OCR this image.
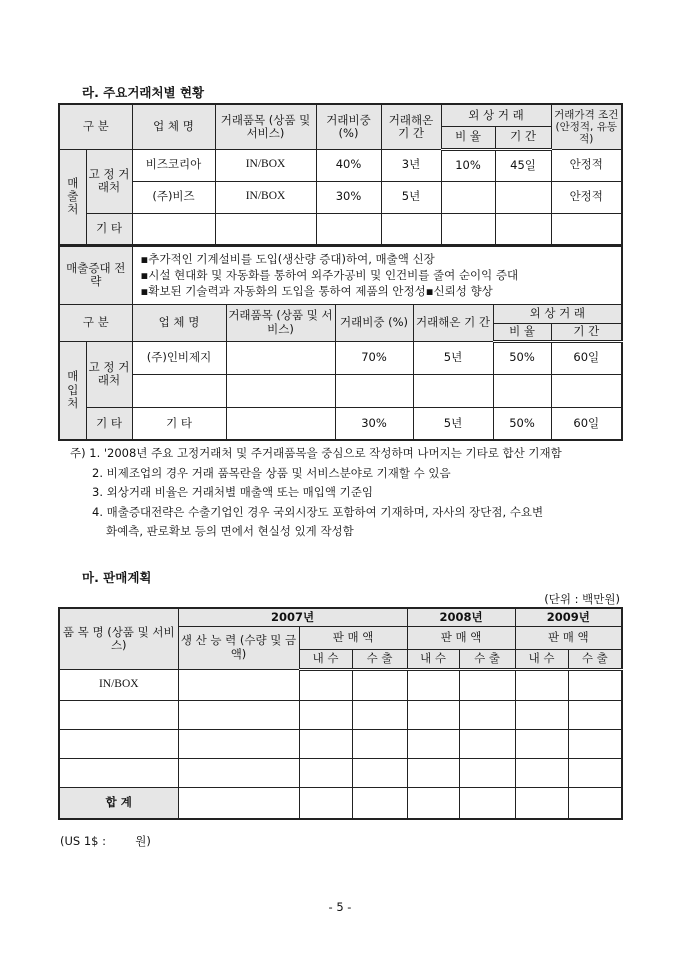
라. 주요거래처별 현황
구 분		업 체 명	거래품목 (상품 및 서비스)	거래비중 (%)	거래해온 기 간	외 상 거 래		거래가격 조건(안정적, 유동적)
						비 율	기 간	
매 출 처	고 정 거래처	비즈코리아	IN/BOX	40%	3년	10%	45일	안정적
		(주)비즈	IN/BOX	30%	5년			안정적
	기 타							
매출증대 전 략		▪추가적인 기계설비를 도입(생산량 증대)하여, 매출액 신장
▪시설 현대화 및 자동화를 통하여 외주가공비 및 인건비를 줄여 순이익 증대
▪확보된 기술력과 자동화의 도입을 통하여 제품의 안정성▪신뢰성 향상					

구 분		업 체 명	거래품목 (상품 및 서비스)	거래비중 (%)	거래해온 기 간	외 상 거 래	
						비 율	기 간
매 입 처	고 정 거래처	(주)인비제지		70%	5년	50%	60일

	기 타	기 타		30%	5년	50%	60일
주) 1. '2008년 주요 고정거래처 및 주거래품목을 중심으로 작성하며 나머지는 기타로 합산 기재함
2. 비제조업의 경우 거래 품목란을 상품 및 서비스분야로 기재할 수 있음
3. 외상거래 비율은 거래처별 매출액 또는 매입액 기준임
4. 매출증대전략은 수출기업인 경우 국외시장도 포함하여 기재하며, 자사의 장단점, 수요변
화예측, 판로확보 등의 면에서 현실성 있게 작성함
마. 판매계획
(단위 : 백만원)
품 목 명 (상품 및 서비스)	2007년			2008년		2009년	
	생 산 능 력 (수량 및 금액)	판 매 액		판 매 액		판 매 액	
		내 수	수 출	내 수	수 출	내 수	수 출
IN/BOX							

합 계							
(US 1$ :        원)
- 5 -
